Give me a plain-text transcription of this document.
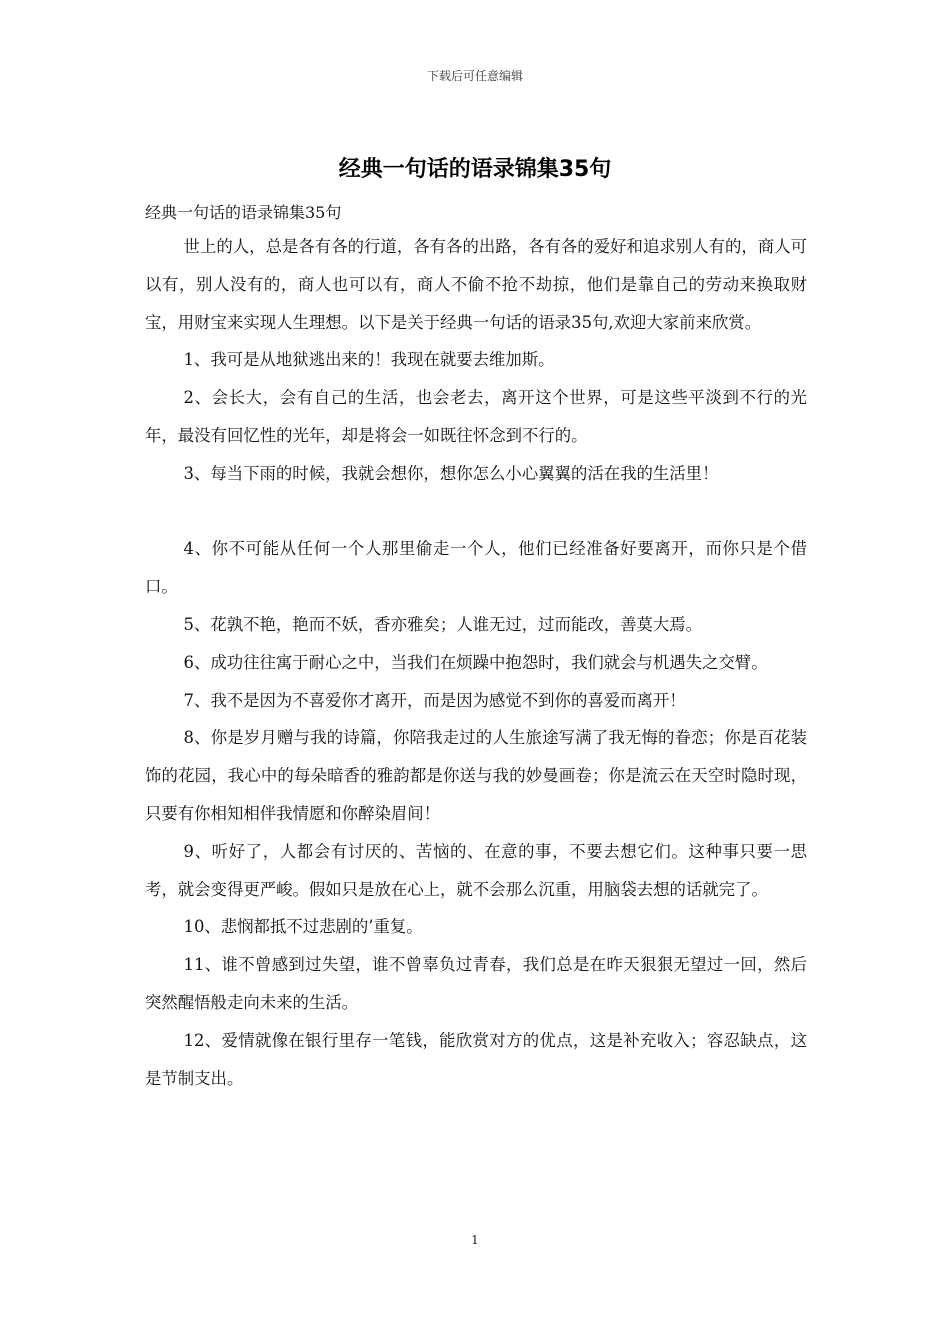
下载后可任意编辑
经典一句话的语录锦集35句
经典一句话的语录锦集35句

世上的人，总是各有各的行道，各有各的出路，各有各的爱好和追求别人有的，商人可以有，别人没有的，商人也可以有，商人不偷不抢不劫掠，他们是靠自己的劳动来换取财宝，用财宝来实现人生理想。以下是关于经典一句话的语录35句,欢迎大家前来欣赏。

1、我可是从地狱逃出来的！我现在就要去维加斯。

2、会长大，会有自己的生活，也会老去，离开这个世界，可是这些平淡到不行的光年，最没有回忆性的光年，却是将会一如既往怀念到不行的。

3、每当下雨的时候，我就会想你，想你怎么小心翼翼的活在我的生活里！

4、你不可能从任何一个人那里偷走一个人，他们已经准备好要离开，而你只是个借口。

5、花孰不艳，艳而不妖，香亦雅矣；人谁无过，过而能改，善莫大焉。

6、成功往往寓于耐心之中，当我们在烦躁中抱怨时，我们就会与机遇失之交臂。

7、我不是因为不喜爱你才离开，而是因为感觉不到你的喜爱而离开！

8、你是岁月赠与我的诗篇，你陪我走过的人生旅途写满了我无悔的眷恋；你是百花装饰的花园，我心中的每朵暗香的雅韵都是你送与我的妙曼画卷；你是流云在天空时隐时现，只要有你相知相伴我情愿和你醉染眉间！

9、听好了，人都会有讨厌的、苦恼的、在意的事，不要去想它们。这种事只要一思考，就会变得更严峻。假如只是放在心上，就不会那么沉重，用脑袋去想的话就完了。

10、悲悯都抵不过悲剧的’重复。

11、谁不曾感到过失望，谁不曾辜负过青春，我们总是在昨天狠狠无望过一回，然后突然醒悟般走向未来的生活。

12、爱情就像在银行里存一笔钱，能欣赏对方的优点，这是补充收入；容忍缺点，这是节制支出。

1
